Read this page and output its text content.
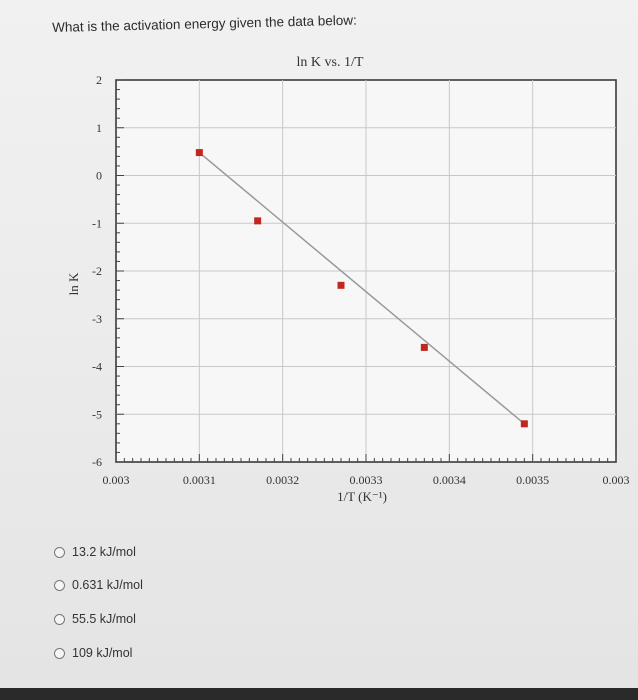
What is the activation energy given the data below:
0.003	0.0031	0.0032	0.0033	0.0034	0.0035	0.003
2
1
0
-1
-2
-3
-4
-5
-6
ln K vs. 1/T
1/T (K⁻¹)
ln K
13.2 kJ/mol
0.631 kJ/mol
55.5 kJ/mol
109 kJ/mol
